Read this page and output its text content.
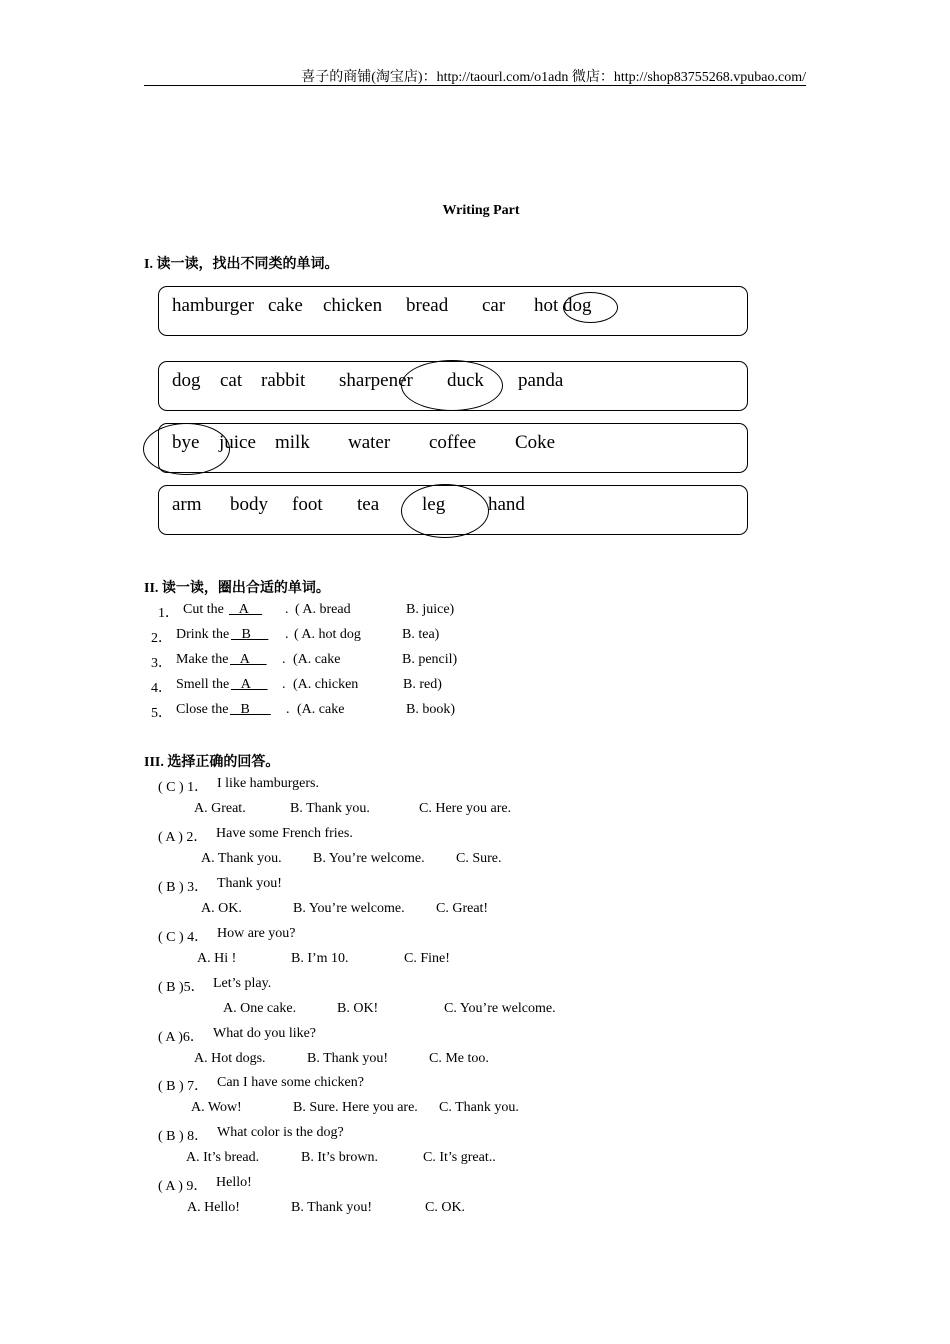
喜子的商铺(淘宝店)：http://taourl.com/o1adn 微店：http://shop83755268.vpubao.com/
Writing Part
I. 读一读，找出不同类的单词。
hamburger cake chicken bread car hot dog
dog cat rabbit sharpener duck panda
bye juice milk water coffee Coke
arm body foot tea leg hand
II. 读一读，圈出合适的单词。
1． Cut the A . ( A. bread	B. juice)
2． Drink the B . ( A. hot dog	B. tea)
3． Make the A . (A. cake	B. pencil)
4． Smell the A . (A. chicken	B. red)
5． Close the B . (A. cake	B. book)
III. 选择正确的回答。
( C ) 1． I like hamburgers.
A. Great.	B. Thank you.	C. Here you are.
( A ) 2． Have some French fries.
A. Thank you. B. You’re welcome. C. Sure.
( B ) 3． Thank you!
A. OK.	B. You’re welcome. C. Great!
( C ) 4． How are you?
A. Hi !	B. I’m 10.	C. Fine!
( B )5． Let’s play.
A. One cake.	B. OK!	C. You’re welcome.
( A )6． What do you like?
A. Hot dogs.	B. Thank you!	C. Me too.
( B ) 7． Can I have some chicken?
A. Wow!	B. Sure. Here you are. C. Thank you.
( B ) 8． What color is the dog?
A. It’s bread.	B. It’s brown.	C. It’s great..
( A ) 9． Hello!
A. Hello!	B. Thank you!	C. OK.
